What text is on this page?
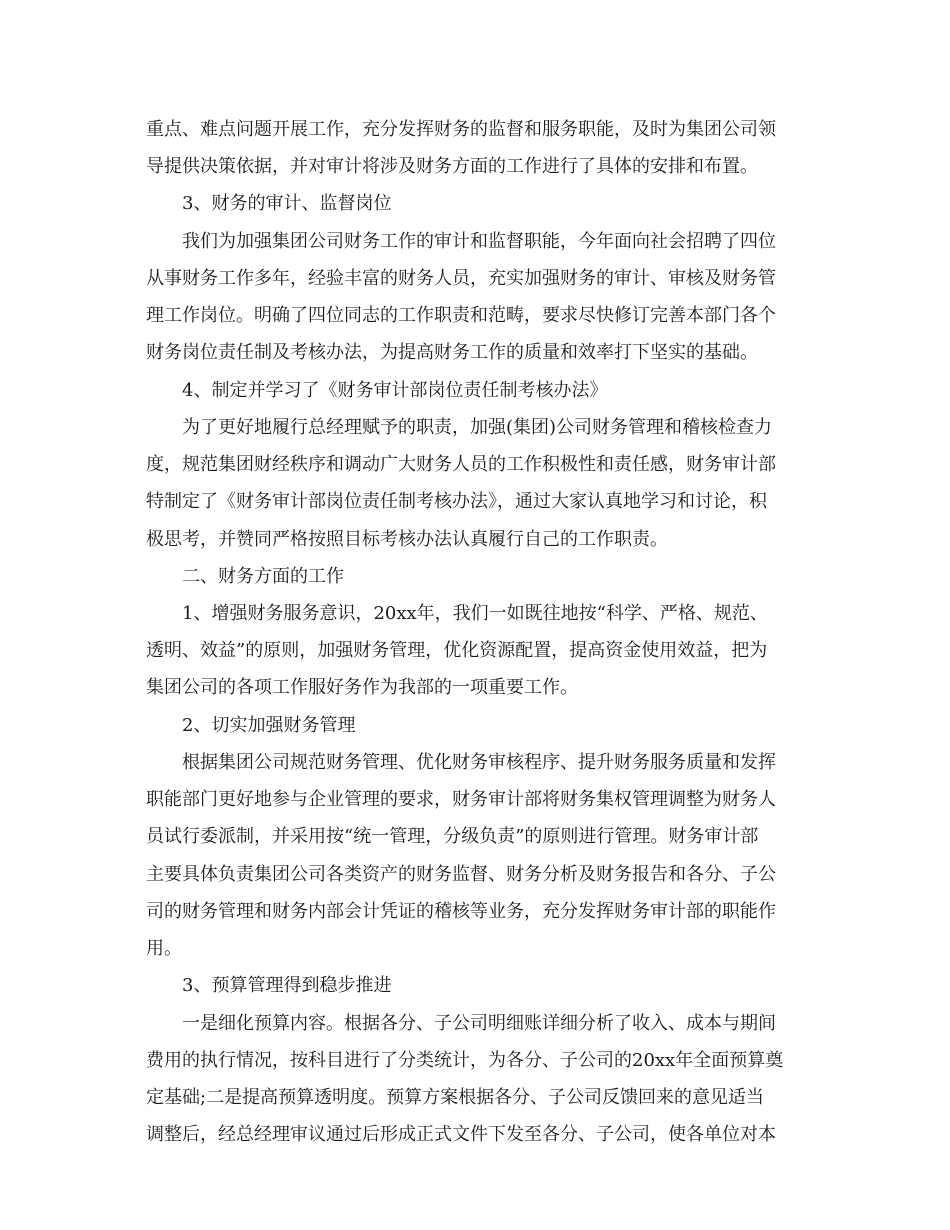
重点、难点问题开展工作，充分发挥财务的监督和服务职能，及时为集团公司领
导提供决策依据，并对审计将涉及财务方面的工作进行了具体的安排和布置。
3、财务的审计、监督岗位
我们为加强集团公司财务工作的审计和监督职能，今年面向社会招聘了四位
从事财务工作多年，经验丰富的财务人员，充实加强财务的审计、审核及财务管
理工作岗位。明确了四位同志的工作职责和范畴，要求尽快修订完善本部门各个
财务岗位责任制及考核办法，为提高财务工作的质量和效率打下坚实的基础。
4、制定并学习了《财务审计部岗位责任制考核办法》
为了更好地履行总经理赋予的职责，加强(集团)公司财务管理和稽核检查力
度，规范集团财经秩序和调动广大财务人员的工作积极性和责任感，财务审计部
特制定了《财务审计部岗位责任制考核办法》，通过大家认真地学习和讨论，积
极思考，并赞同严格按照目标考核办法认真履行自己的工作职责。
二、财务方面的工作
1、增强财务服务意识，20xx年，我们一如既往地按“科学、严格、规范、
透明、效益”的原则，加强财务管理，优化资源配置，提高资金使用效益，把为
集团公司的各项工作服好务作为我部的一项重要工作。
2、切实加强财务管理
根据集团公司规范财务管理、优化财务审核程序、提升财务服务质量和发挥
职能部门更好地参与企业管理的要求，财务审计部将财务集权管理调整为财务人
员试行委派制，并采用按“统一管理，分级负责”的原则进行管理。财务审计部
主要具体负责集团公司各类资产的财务监督、财务分析及财务报告和各分、子公
司的财务管理和财务内部会计凭证的稽核等业务，充分发挥财务审计部的职能作
用。
3、预算管理得到稳步推进
一是细化预算内容。根据各分、子公司明细账详细分析了收入、成本与期间
费用的执行情况，按科目进行了分类统计，为各分、子公司的20xx年全面预算奠
定基础;二是提高预算透明度。预算方案根据各分、子公司反馈回来的意见适当
调整后，经总经理审议通过后形成正式文件下发至各分、子公司，使各单位对本
